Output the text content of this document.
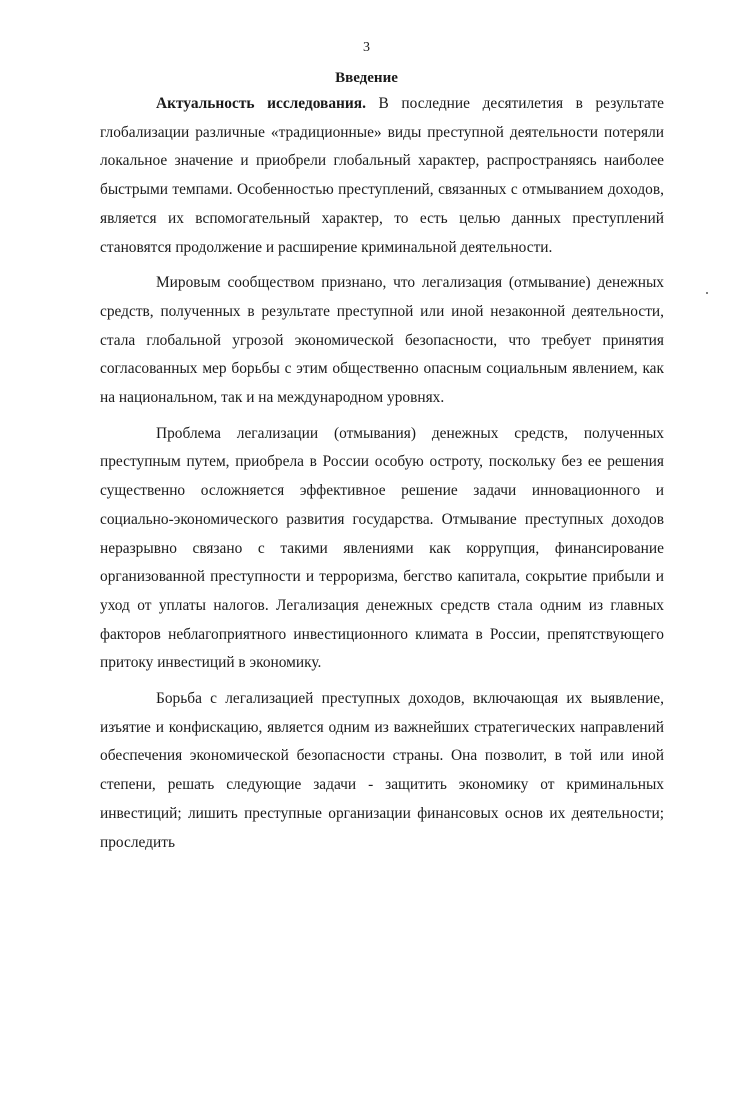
3
Введение

Актуальность исследования. В последние десятилетия в результате глобализации различные «традиционные» виды преступной деятельности потеряли локальное значение и приобрели глобальный характер, распространяясь наиболее быстрыми темпами. Особенностью преступлений, связанных с отмыванием доходов, является их вспомогательный характер, то есть целью данных преступлений становятся продолжение и расширение криминальной деятельности.

Мировым сообществом признано, что легализация (отмывание) денежных средств, полученных в результате преступной или иной незаконной деятельности, стала глобальной угрозой экономической безопасности, что требует принятия согласованных мер борьбы с этим общественно опасным социальным явлением, как на национальном, так и на международном уровнях.

Проблема легализации (отмывания) денежных средств, полученных преступным путем, приобрела в России особую остроту, поскольку без ее решения существенно осложняется эффективное решение задачи инновационного и социально-экономического развития государства. Отмывание преступных доходов неразрывно связано с такими явлениями как коррупция, финансирование организованной преступности и терроризма, бегство капитала, сокрытие прибыли и уход от уплаты налогов. Легализация денежных средств стала одним из главных факторов неблагоприятного инвестиционного климата в России, препятствующего притоку инвестиций в экономику.

Борьба с легализацией преступных доходов, включающая их выявление, изъятие и конфискацию, является одним из важнейших стратегических направлений обеспечения экономической безопасности страны. Она позволит, в той или иной степени, решать следующие задачи - защитить экономику от криминальных инвестиций; лишить преступные организации финансовых основ их деятельности; проследить
